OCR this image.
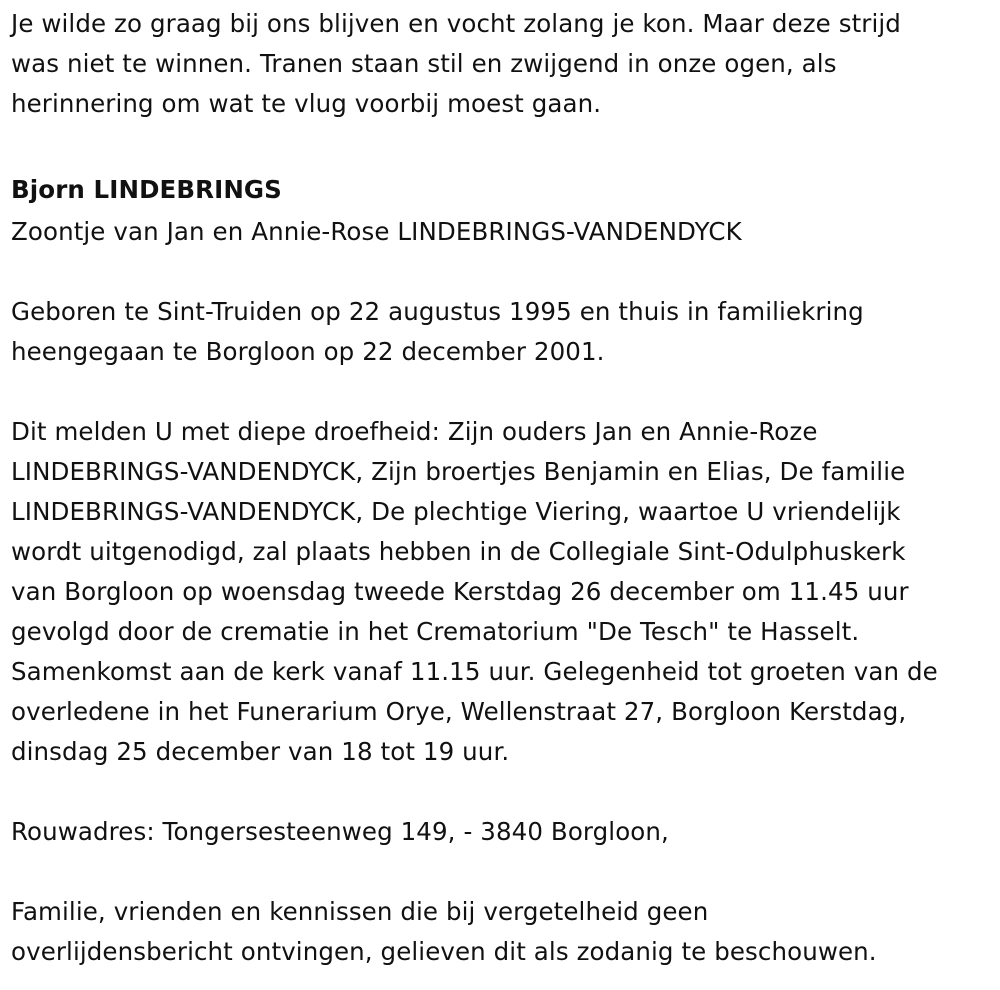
Je wilde zo graag bij ons blijven en vocht zolang je kon. Maar deze strijd
was niet te winnen. Tranen staan stil en zwijgend in onze ogen, als
herinnering om wat te vlug voorbij moest gaan.
Bjorn LINDEBRINGS
Zoontje van Jan en Annie-Rose LINDEBRINGS-VANDENDYCK
Geboren te Sint-Truiden op 22 augustus 1995 en thuis in familiekring
heengegaan te Borgloon op 22 december 2001.
Dit melden U met diepe droefheid: Zijn ouders Jan en Annie-Roze
LINDEBRINGS-VANDENDYCK, Zijn broertjes Benjamin en Elias, De familie
LINDEBRINGS-VANDENDYCK, De plechtige Viering, waartoe U vriendelijk
wordt uitgenodigd, zal plaats hebben in de Collegiale Sint-Odulphuskerk
van Borgloon op woensdag tweede Kerstdag 26 december om 11.45 uur
gevolgd door de crematie in het Crematorium "De Tesch" te Hasselt.
Samenkomst aan de kerk vanaf 11.15 uur. Gelegenheid tot groeten van de
overledene in het Funerarium Orye, Wellenstraat 27, Borgloon Kerstdag,
dinsdag 25 december van 18 tot 19 uur.
Rouwadres: Tongersesteenweg 149, - 3840 Borgloon,
Familie, vrienden en kennissen die bij vergetelheid geen
overlijdensbericht ontvingen, gelieven dit als zodanig te beschouwen.
